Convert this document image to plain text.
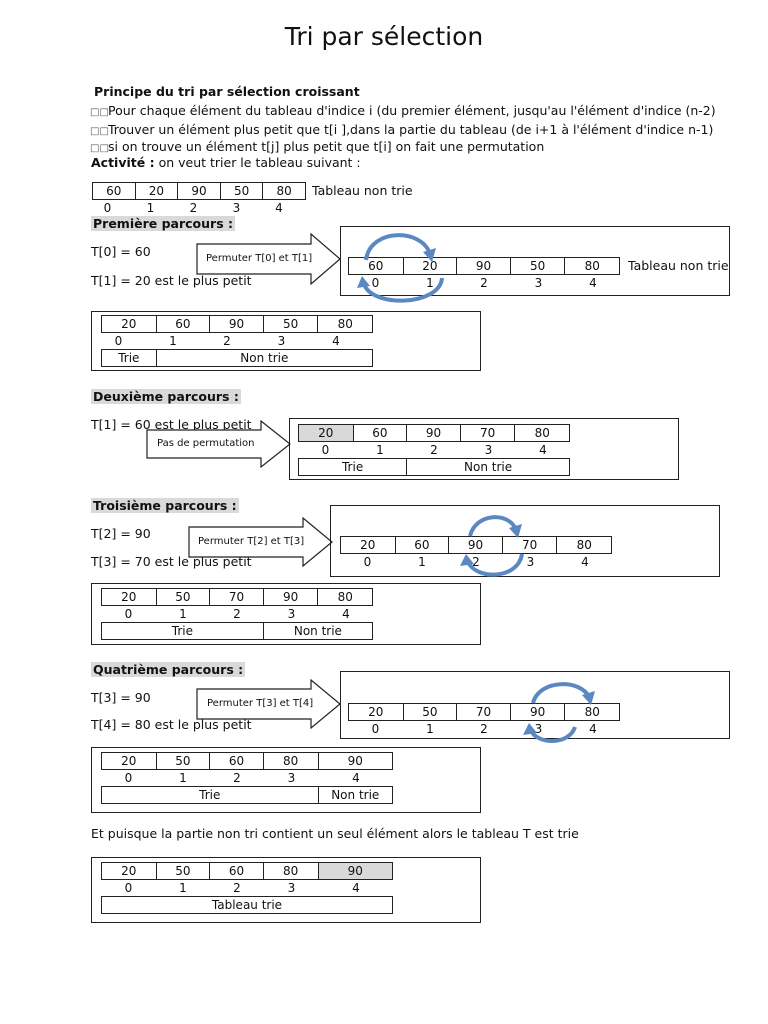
Tri par sélection
Principe du tri par sélection croissant
□□Pour chaque élément du tableau d'indice i (du premier élément, jusqu'au l'élément d'indice (n-2)
□□Trouver un élément plus petit que t[i ],dans la partie du tableau (de i+1 à l'élément d'indice n-1)
□□si on trouve un élément t[j] plus petit que t[i] on fait une permutation
Activité : on veut trier le tableau suivant :
60	20	90	50	80	Tableau non trie
0	1	2	3	4
Première parcours :
T[0] = 60
T[1] = 20 est le plus petit
Permuter T[0] et T[1]
60	20	90	50	80	Tableau non trie
0	1	2	3	4
20	60	90	50	80
0	1	2	3	4
Trie	Non trie
Deuxième parcours :
T[1] = 60 est le plus petit
Pas de permutation
20	60	90	70	80
0	1	2	3	4
Trie	Non trie
Troisième parcours :
T[2] = 90
T[3] = 70 est le plus petit
Permuter T[2] et T[3]	20	60	90	70	80
0	1	2	3	4
20	50	70	90	80
0	1	2	3	4
Trie	Non trie
Quatrième parcours :
T[3] = 90
T[4] = 80 est le plus petit
Permuter T[3] et T[4]
20	50	70	90	80
0	1	2	3	4
20	50	60	80	90
0	1	2	3	4
Trie	Non trie
Et puisque la partie non tri contient un seul élément alors le tableau T est trie
20	50	60	80	90
0	1	2	3	4
Tableau trie
